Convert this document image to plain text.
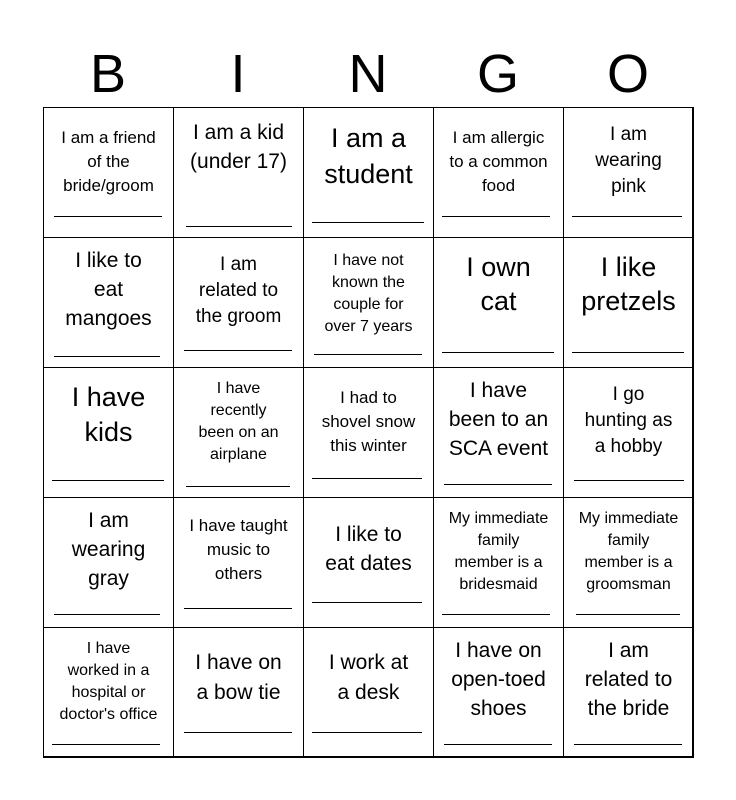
B	I	N	G	O
I am a friend
of the
bride/groom
I am a kid
(under 17)
I am a
student
I am allergic
to a common
food
I am
wearing
pink
I like to
eat
mangoes
I am
related to
the groom
I have not
known the
couple for
over 7 years
I own
cat
I like
pretzels
I have
kids
I have
recently
been on an
airplane
I had to
shovel snow
this winter
I have
been to an
SCA event
I go
hunting as
a hobby
I am
wearing
gray
I have taught
music to
others
I like to
eat dates
My immediate
family
member is a
bridesmaid
My immediate
family
member is a
groomsman
I have
worked in a
hospital or
doctor's office
I have on
a bow tie
I work at
a desk
I have on
open-toed
shoes
I am
related to
the bride
